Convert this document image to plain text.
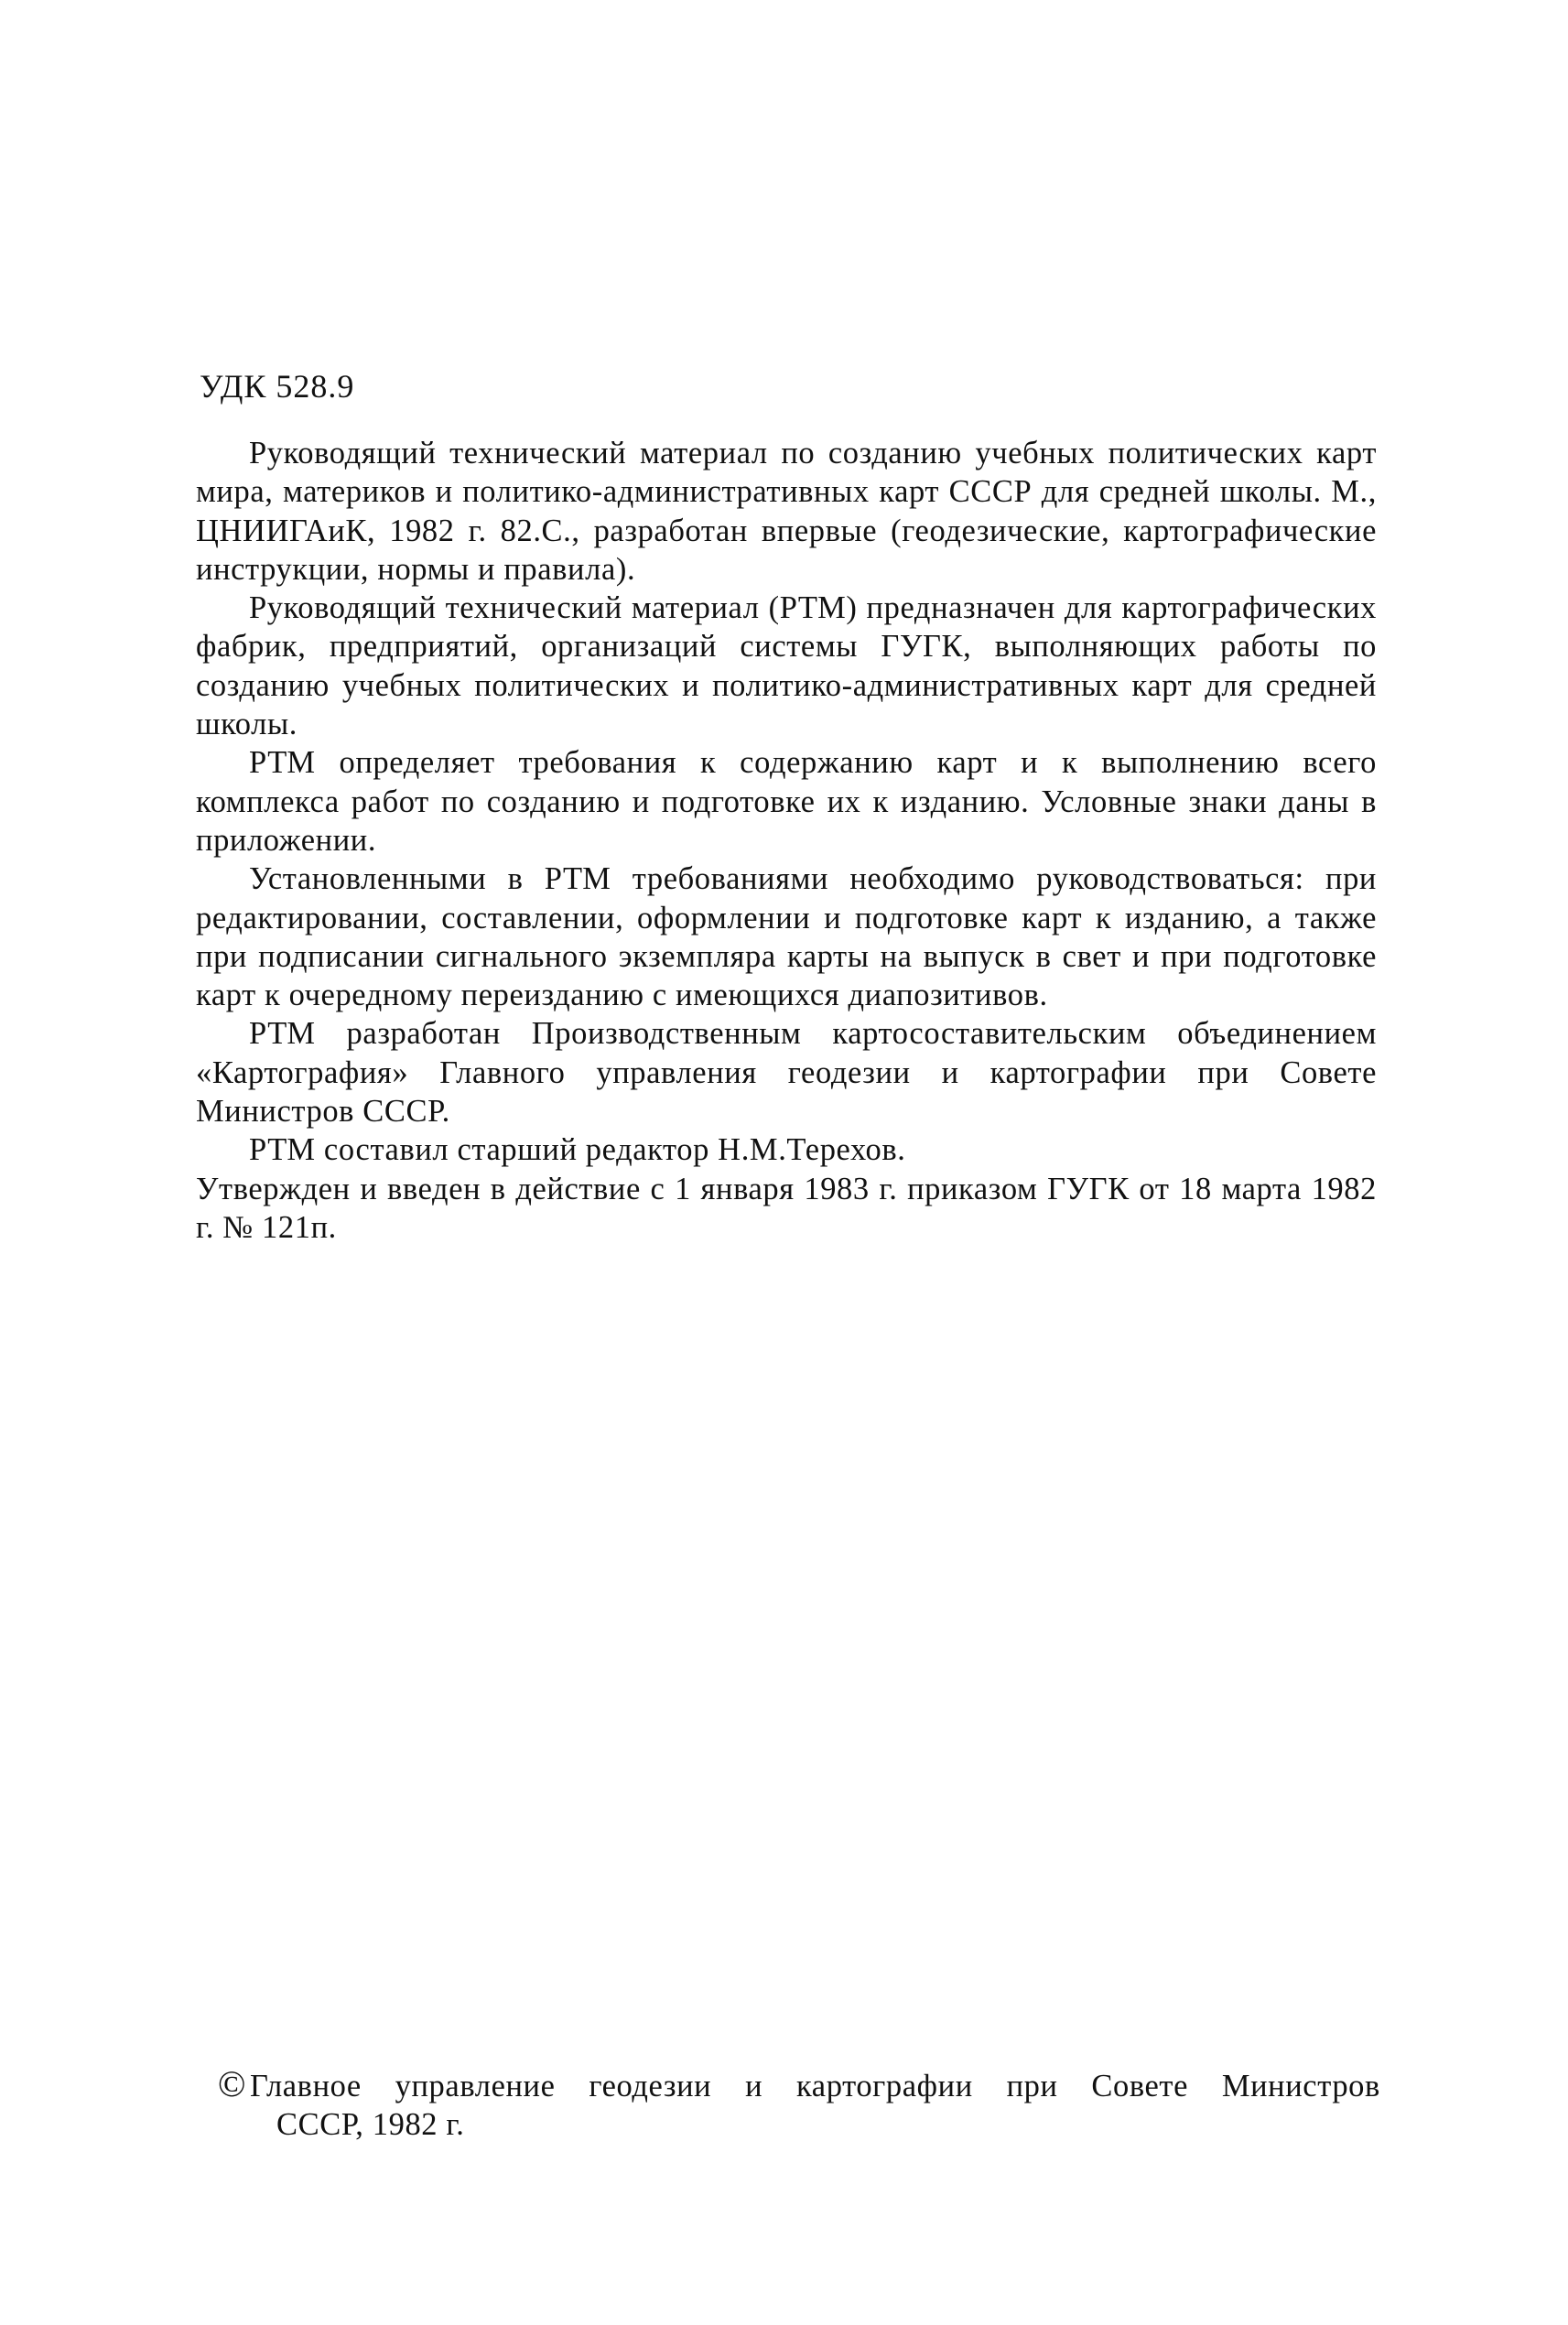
УДК 528.9

Руководящий технический материал по созданию учебных политических карт мира, материков и политико-административных карт СССР для средней школы. М., ЦНИИГАиК, 1982 г. 82.С., разработан впервые (геодезические, картографические инструкции, нормы и правила).

Руководящий технический материал (РТМ) предназначен для картографических фабрик, предприятий, организаций системы ГУГК, выполняющих работы по созданию учебных политических и политико-административных карт для средней школы.

РТМ определяет требования к содержанию карт и к выполнению всего комплекса работ по созданию и подготовке их к изданию. Условные знаки даны в приложении.

Установленными в РТМ требованиями необходимо руководствоваться: при редактировании, составлении, оформлении и подготовке карт к изданию, а также при подписании сигнального экземпляра карты на выпуск в свет и при подготовке карт к очередному переизданию с имеющихся диапозитивов.

РТМ разработан Производственным картосоставительским объединением «Картография» Главного управления геодезии и картографии при Совете Министров СССР.

РТМ составил старший редактор Н.М.Терехов.

Утвержден и введен в действие с 1 января 1983 г. приказом ГУГК от 18 марта 1982 г. № 121п.

© Главное управление геодезии и картографии при Совете Министров
СССР, 1982 г.
